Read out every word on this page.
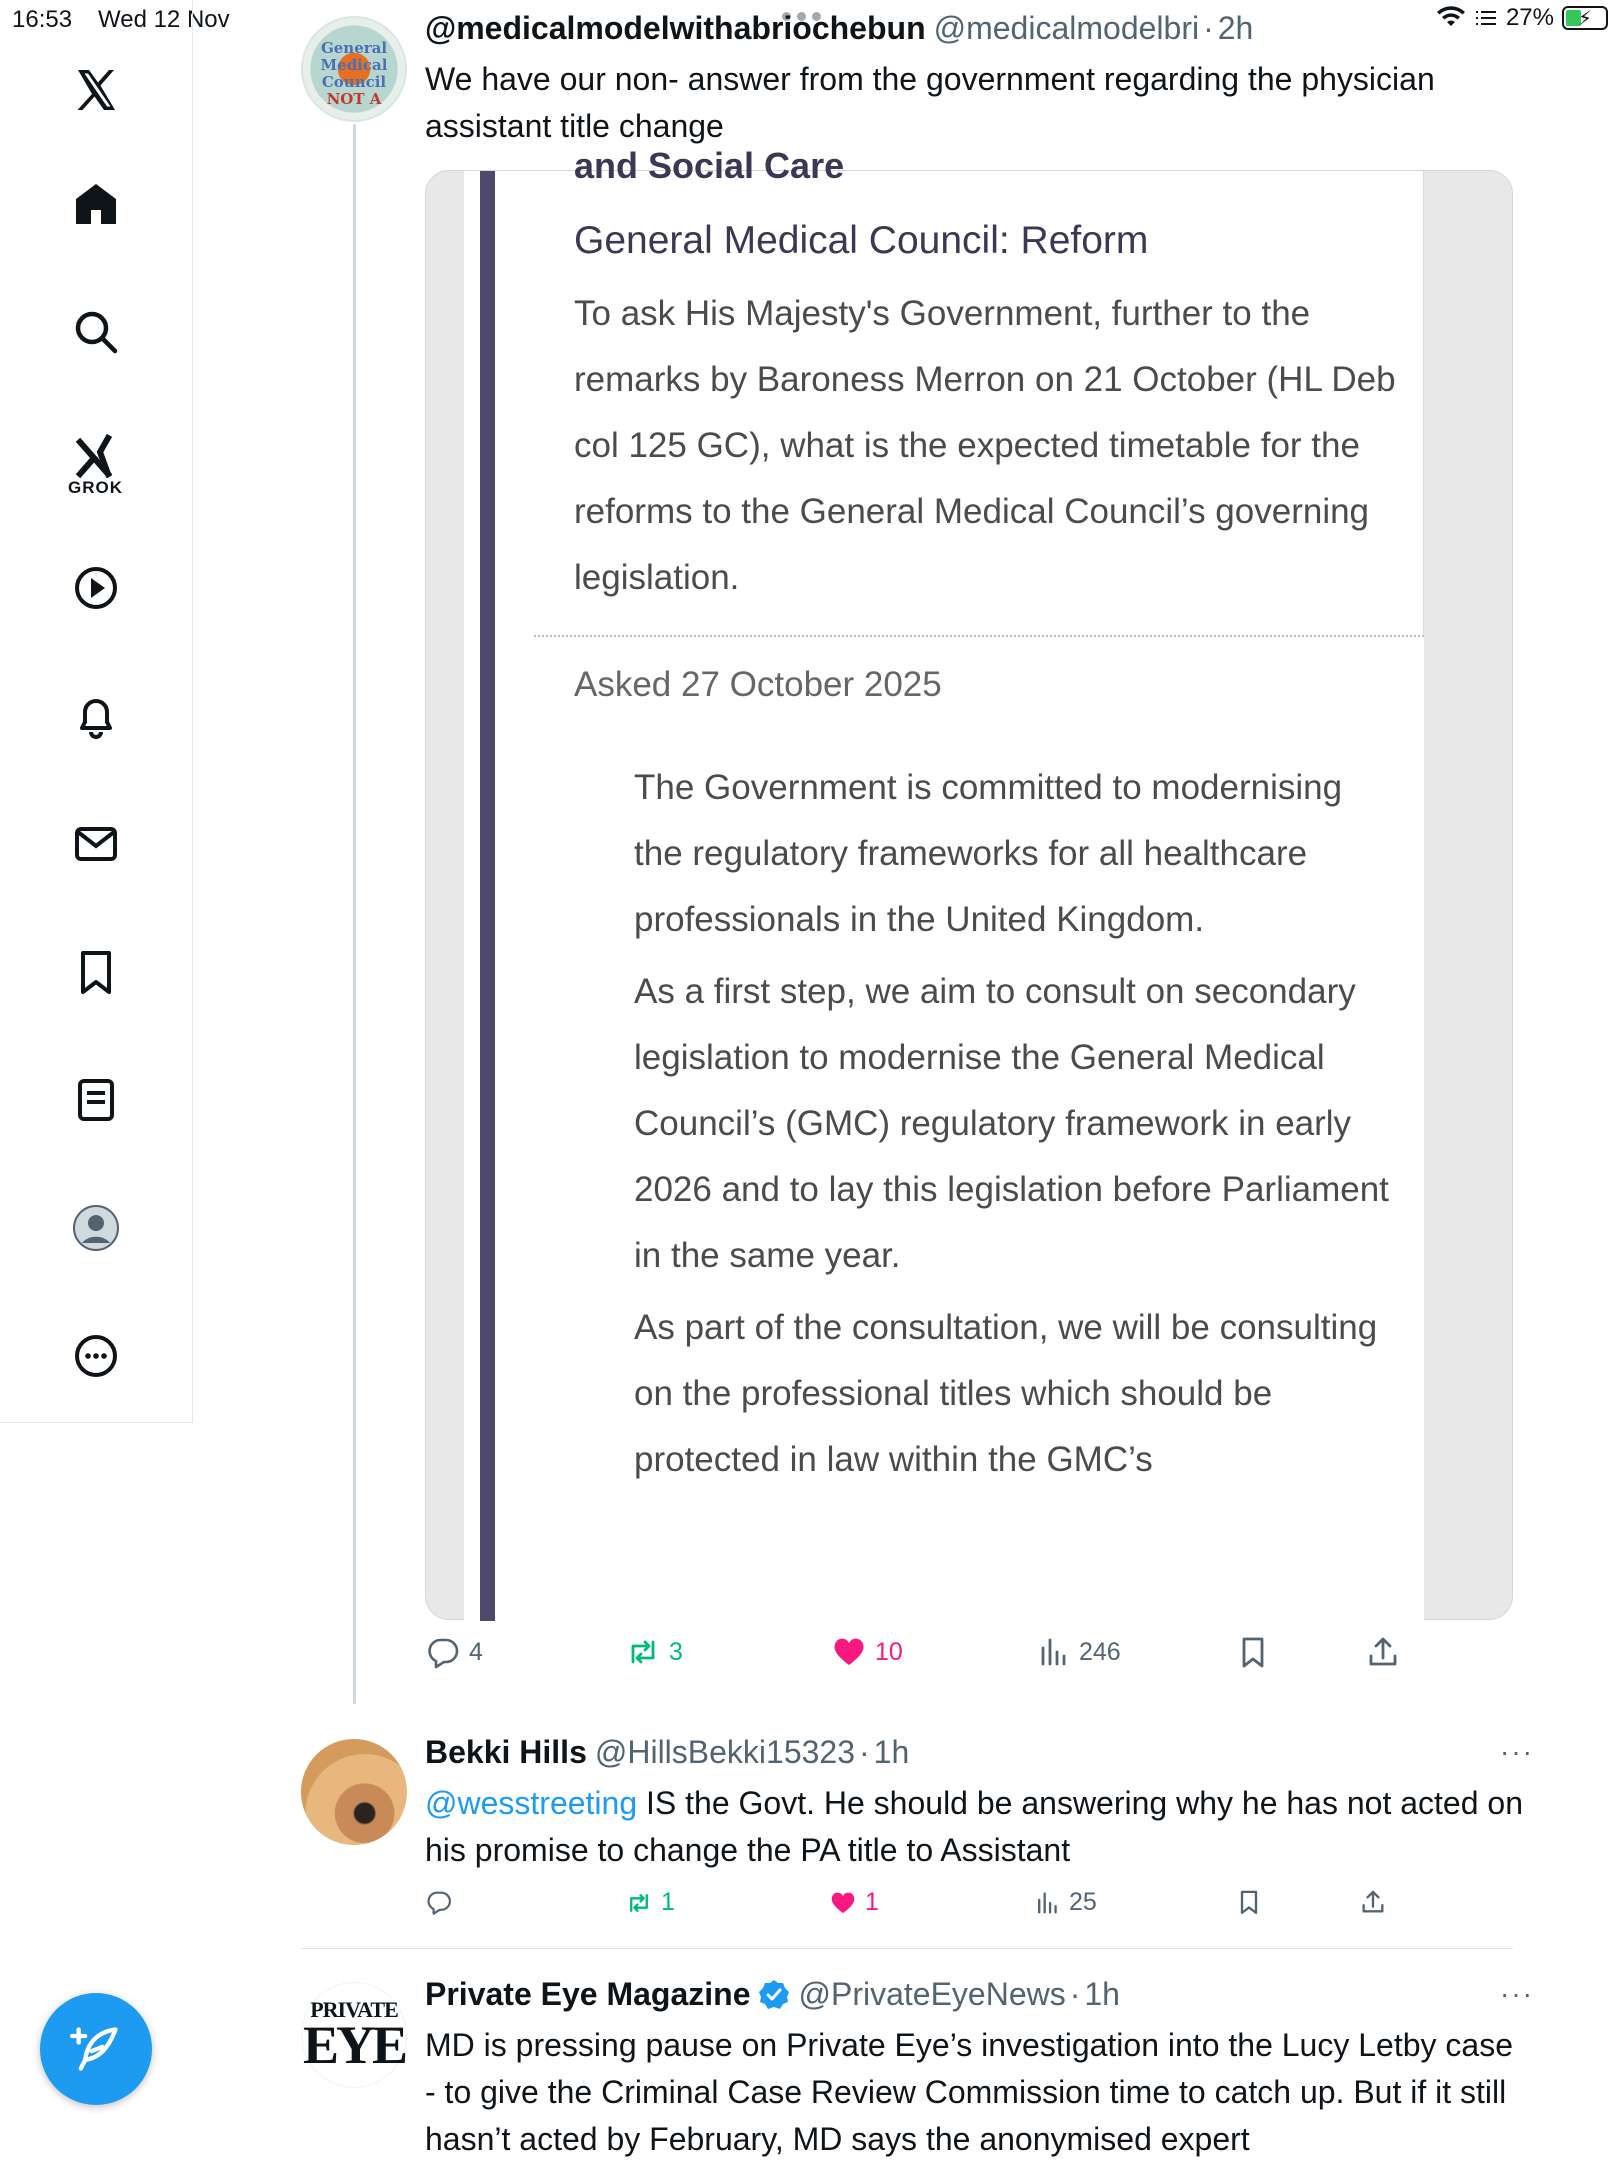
16:53 Wed 12 Nov	27% ⚡
GROK
General
Medical
Council
NOT A
@medicalmodelwithabriochebun @medicalmodelbri · 2h
We have our non- answer from the government regarding the physician assistant title change
and Social Care
General Medical Council: Reform
To ask His Majesty's Government, further to the remarks by Baroness Merron on 21 October (HL Deb col 125 GC), what is the expected timetable for the reforms to the General Medical Council’s governing legislation.
Asked 27 October 2025

The Government is committed to modernising the regulatory frameworks for all healthcare professionals in the United Kingdom.

As a first step, we aim to consult on secondary legislation to modernise the General Medical Council’s (GMC) regulatory framework in early 2026 and to lay this legislation before Parliament in the same year.

As part of the consultation, we will be consulting on the professional titles which should be protected in law within the GMC’s

4	3	10	246
Bekki Hills @HillsBekki15323 · 1h	···
@wesstreeting IS the Govt. He should be answering why he has not acted on his promise to change the PA title to Assistant
1	1	25
PRIVATE
EYE
Private Eye Magazine @PrivateEyeNews · 1h	···
MD is pressing pause on Private Eye’s investigation into the Lucy Letby case - to give the Criminal Case Review Commission time to catch up. But if it still hasn’t acted by February, MD says the anonymised expert
